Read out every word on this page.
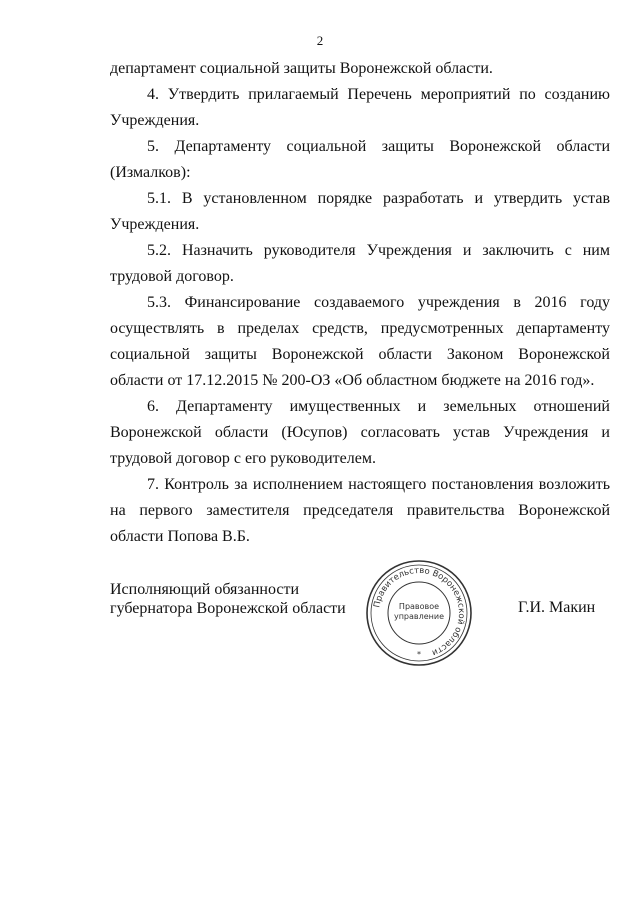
2

департамент социальной защиты Воронежской области.

4. Утвердить прилагаемый Перечень мероприятий по созданию Учреждения.

5. Департаменту социальной защиты Воронежской области (Измалков):

5.1. В установленном порядке разработать и утвердить устав Учреждения.

5.2. Назначить руководителя Учреждения и заключить с ним трудовой договор.

5.3. Финансирование создаваемого учреждения в 2016 году осуществлять в пределах средств, предусмотренных департаменту социальной защиты Воронежской области Законом Воронежской области от 17.12.2015 № 200-ОЗ «Об областном бюджете на 2016 год».

6. Департаменту имущественных и земельных отношений Воронежской области (Юсупов) согласовать устав Учреждения и трудовой договор с его руководителем.

7. Контроль за исполнением настоящего постановления возложить на первого заместителя председателя правительства Воронежской области Попова В.Б.

Исполняющий обязанности
губернатора Воронежской области	Правительство Воронежской области
Правовое
управление
*
Г.И. Макин
